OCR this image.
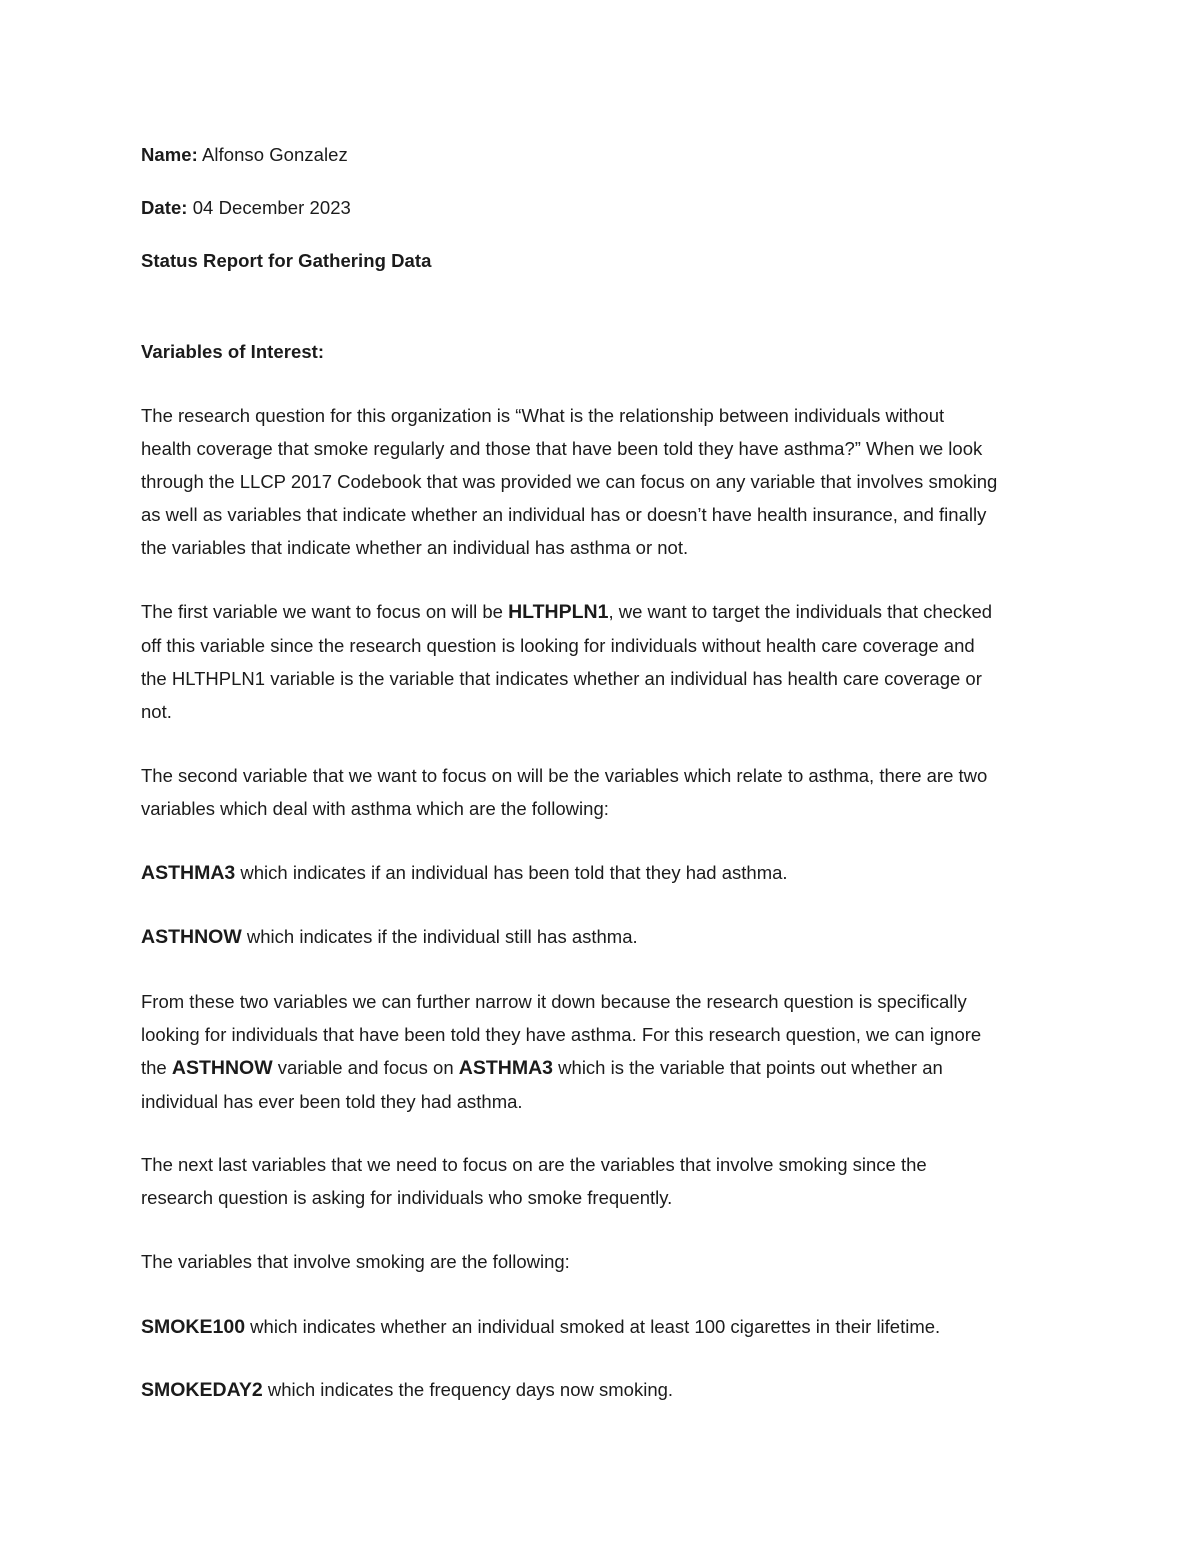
Name: Alfonso Gonzalez
Date: 04 December 2023
Status Report for Gathering Data
Variables of Interest:
The research question for this organization is “What is the relationship between individuals without
health coverage that smoke regularly and those that have been told they have asthma?” When we look
through the LLCP 2017 Codebook that was provided we can focus on any variable that involves smoking
as well as variables that indicate whether an individual has or doesn’t have health insurance, and finally
the variables that indicate whether an individual has asthma or not.
The first variable we want to focus on will be HLTHPLN1, we want to target the individuals that checked
off this variable since the research question is looking for individuals without health care coverage and
the HLTHPLN1 variable is the variable that indicates whether an individual has health care coverage or
not.
The second variable that we want to focus on will be the variables which relate to asthma, there are two
variables which deal with asthma which are the following:
ASTHMA3 which indicates if an individual has been told that they had asthma.
ASTHNOW which indicates if the individual still has asthma.
From these two variables we can further narrow it down because the research question is specifically
looking for individuals that have been told they have asthma. For this research question, we can ignore
the ASTHNOW variable and focus on ASTHMA3 which is the variable that points out whether an
individual has ever been told they had asthma.
The next last variables that we need to focus on are the variables that involve smoking since the
research question is asking for individuals who smoke frequently.
The variables that involve smoking are the following:
SMOKE100 which indicates whether an individual smoked at least 100 cigarettes in their lifetime.
SMOKEDAY2 which indicates the frequency days now smoking.
